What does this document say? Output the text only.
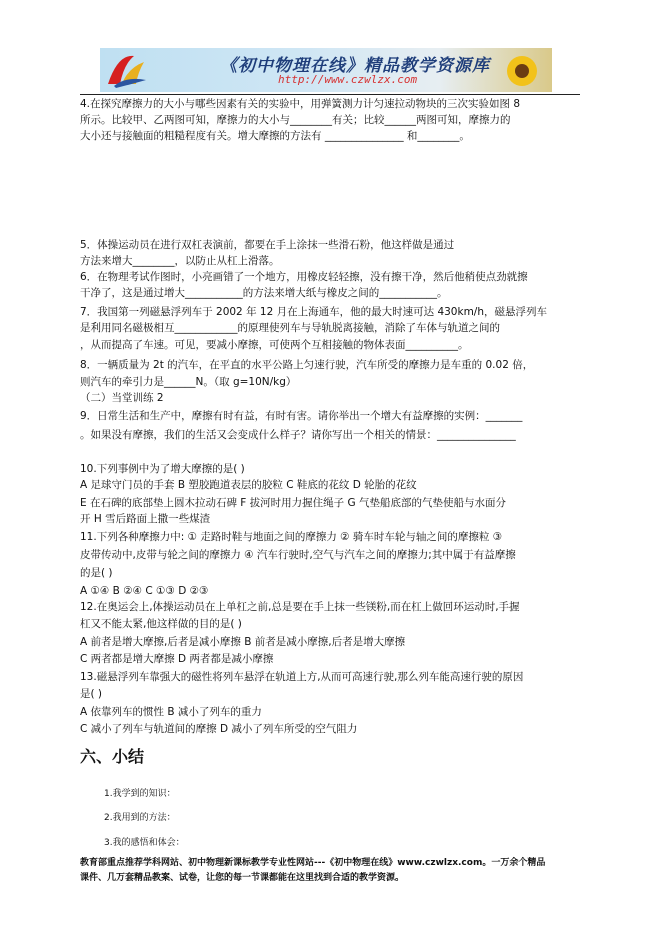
《初中物理在线》精品教学资源库
http://www.czwlzx.com
4.在探究摩擦力的大小与哪些因素有关的实验中，用弹簧测力计匀速拉动物块的三次实验如图 8
所示。比较甲、乙两图可知，摩擦力的大小与________有关；比较______两图可知，摩擦力的
大小还与接触面的粗糙程度有关。增大摩擦的方法有 _______________ 和________。
5．体操运动员在进行双杠表演前，都要在手上涂抹一些滑石粉，他这样做是通过
方法来增大________，以防止从杠上滑落。
6．在物理考试作图时，小亮画错了一个地方，用橡皮轻轻擦，没有擦干净，然后他稍使点劲就擦
干净了，这是通过增大___________的方法来增大纸与橡皮之间的___________。
7．我国第一列磁悬浮列车于 2002 年 12 月在上海通车，他的最大时速可达 430km/h，磁悬浮列车
是利用同名磁极相互____________的原理使列车与导轨脱离接触，消除了车体与轨道之间的
，从而提高了车速。可见，要减小摩擦，可使两个互相接触的物体表面__________。
8．一辆质量为 2t 的汽车，在平直的水平公路上匀速行驶，汽车所受的摩擦力是车重的 0.02 倍，
则汽车的牵引力是______N。（取 g=10N/kg）
（二）当堂训练 2
9．日常生活和生产中，摩擦有时有益，有时有害。请你举出一个增大有益摩擦的实例：_______
。如果没有摩擦，我们的生活又会变成什么样子？请你写出一个相关的情景：_______________
10.下列事例中为了增大摩擦的是( )
A 足球守门员的手套 B 塑胶跑道表层的胶粒 C 鞋底的花纹 D 轮胎的花纹
E 在石碑的底部垫上圆木拉动石碑 F 拔河时用力握住绳子 G 气垫船底部的气垫使船与水面分
开 H 雪后路面上撒一些煤渣
11.下列各种摩擦力中: ① 走路时鞋与地面之间的摩擦力 ② 骑车时车轮与轴之间的摩擦粒 ③
皮带传动中,皮带与轮之间的摩擦力 ④ 汽车行驶时,空气与汽车之间的摩擦力;其中属于有益摩擦
的是( )
A ①④ B ②④ C ①③ D ②③
12.在奥运会上,体操运动员在上单杠之前,总是要在手上抹一些镁粉,而在杠上做回环运动时,手握
杠又不能太紧,他这样做的目的是( )
A 前者是增大摩擦,后者是减小摩擦 B 前者是减小摩擦,后者是增大摩擦
C 两者都是增大摩擦 D 两者都是减小摩擦
13.磁悬浮列车靠强大的磁性将列车悬浮在轨道上方,从而可高速行驶,那么列车能高速行驶的原因
是( )
A 依靠列车的惯性 B 减小了列车的重力
C 减小了列车与轨道间的摩擦 D 减小了列车所受的空气阻力
六、小结
1.我学到的知识：
2.我用到的方法：
3.我的感悟和体会：
教育部重点推荐学科网站、初中物理新课标教学专业性网站---《初中物理在线》www.czwlzx.com。一万余个精品
课件、几万套精品教案、试卷，让您的每一节课都能在这里找到合适的教学资源。
